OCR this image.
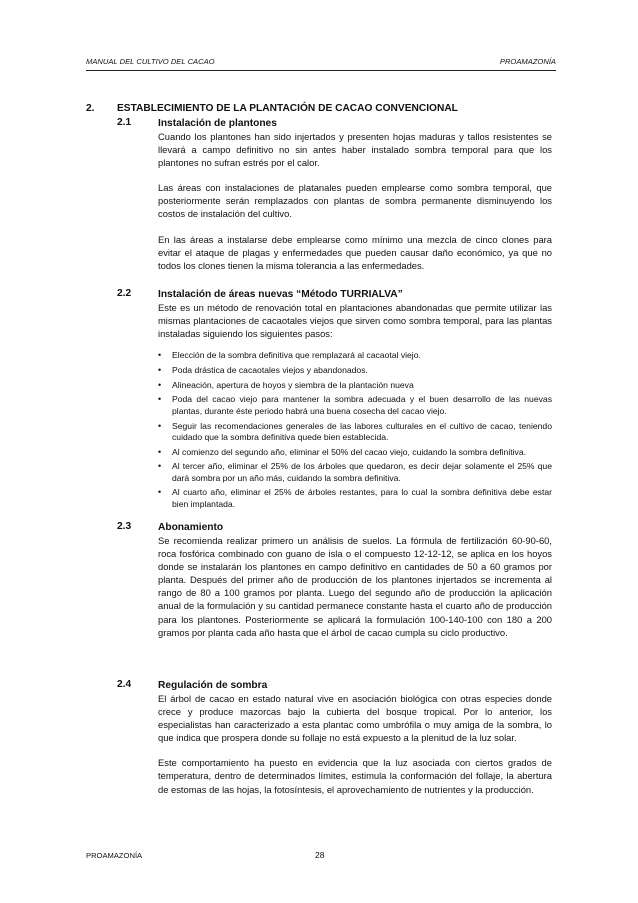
MANUAL DEL CULTIVO DEL CACAO	PROAMAZONÍA
2. ESTABLECIMIENTO DE LA PLANTACIÓN DE CACAO CONVENCIONAL
2.1	Instalación de plantones

Cuando los plantones han sido injertados y presenten hojas maduras y tallos resistentes se llevará a campo definitivo no sin antes haber instalado sombra temporal para que los plantones no sufran estrés por el calor.

Las áreas con instalaciones de platanales pueden emplearse como sombra temporal, que posteriormente serán remplazados con plantas de sombra permanente disminuyendo los costos de instalación del cultivo.

En las áreas a instalarse debe emplearse como mínimo una mezcla de cinco clones para evitar el ataque de plagas y enfermedades que pueden causar daño económico, ya que no todos los clones tienen la misma tolerancia a las enfermedades.

2.2	Instalación de áreas nuevas “Método TURRIALVA”

Este es un método de renovación total en plantaciones abandonadas que permite utilizar las mismas plantaciones de cacaotales viejos que sirven como sombra temporal, para las plantas instaladas siguiendo los siguientes pasos:

• Elección de la sombra definitiva que remplazará al cacaotal viejo.
• Poda drástica de cacaotales viejos y abandonados.
• Alineación, apertura de hoyos y siembra de la plantación nueva
• Poda del cacao viejo para mantener la sombra adecuada y el buen desarrollo de las nuevas plantas, durante éste periodo habrá una buena cosecha del cacao viejo.
• Seguir las recomendaciones generales de las labores culturales en el cultivo de cacao, teniendo cuidado que la sombra definitiva quede bien establecida.
• Al comienzo del segundo año, eliminar el 50% del cacao viejo, cuidando la sombra definitiva.
• Al tercer año, eliminar el 25% de los árboles que quedaron, es decir dejar solamente el 25% que dará sombra por un año más, cuidando la sombra definitiva.
• Al cuarto año, eliminar el 25% de árboles restantes, para lo cual la sombra definitiva debe estar bien implantada.
2.3	Abonamiento

Se recomienda realizar primero un análisis de suelos. La fórmula de fertilización 60-90-60, roca fosfórica combinado con guano de isla o el compuesto 12-12-12, se aplica en los hoyos donde se instalarán los plantones en campo definitivo en cantidades de 50 a 60 gramos por planta. Después del primer año de producción de los plantones injertados se incrementa al rango de 80 a 100 gramos por planta. Luego del segundo año de producción la aplicación anual de la formulación y su cantidad permanece constante hasta el cuarto año de producción para los plantones. Posteriormente se aplicará la formulación 100-140-100 con 180 a 200 gramos por planta cada año hasta que el árbol de cacao cumpla su ciclo productivo.

2.4	Regulación de sombra

El árbol de cacao en estado natural vive en asociación biológica con otras especies donde crece y produce mazorcas bajo la cubierta del bosque tropical. Por lo anterior, los especialistas han caracterizado a esta plantac como umbrófila o muy amiga de la sombra, lo que indica que prospera donde su follaje no está expuesto a la plenitud de la luz solar.

Este comportamiento ha puesto en evidencia que la luz asociada con ciertos grados de temperatura, dentro de determinados límites, estimula la conformación del follaje, la abertura de estomas de las hojas, la fotosíntesis, el aprovechamiento de nutrientes y la producción.

PROAMAZONÍA	28
